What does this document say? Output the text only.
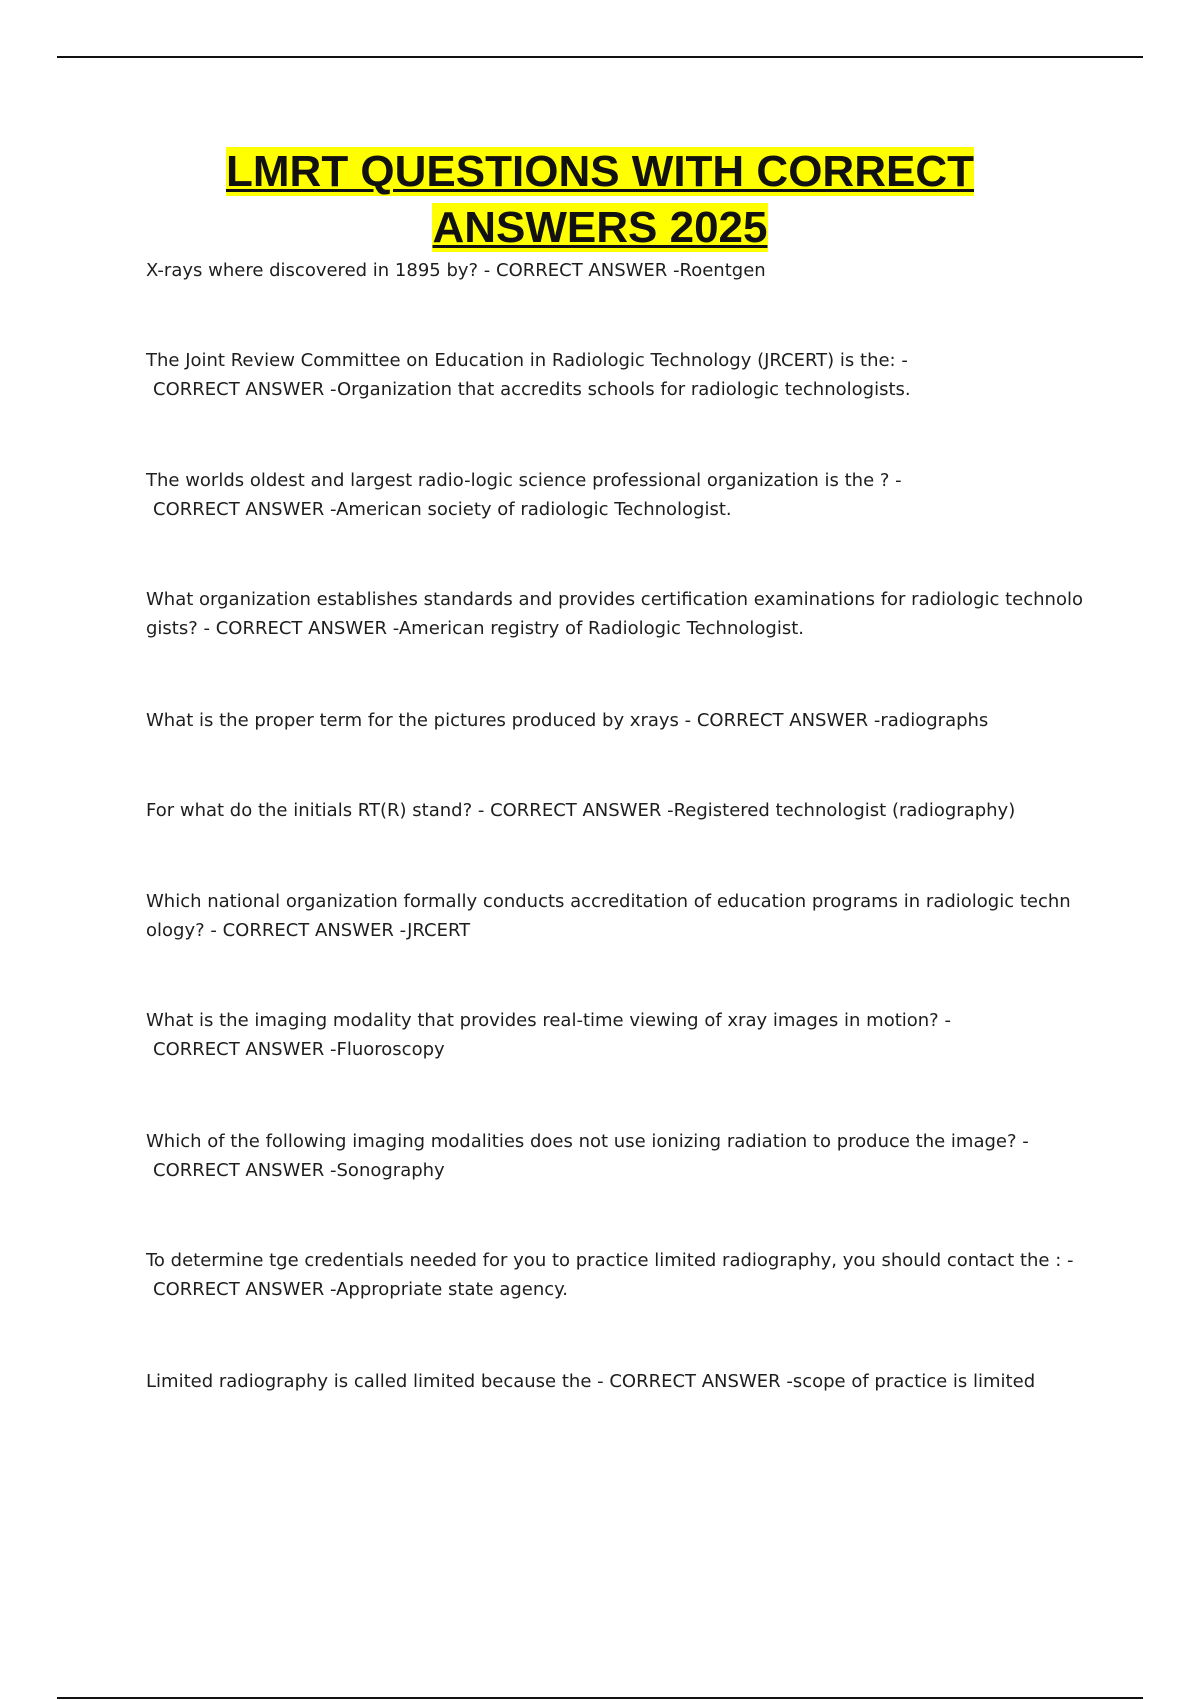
LMRT QUESTIONS WITH CORRECT ANSWERS 2025

X-rays where discovered in 1895 by? - CORRECT ANSWER -Roentgen

The Joint Review Committee on Education in Radiologic Technology (JRCERT) is the: -
CORRECT ANSWER -Organization that accredits schools for radiologic technologists.

The worlds oldest and largest radio-logic science professional organization is the ? -
CORRECT ANSWER -American society of radiologic Technologist.

What organization establishes standards and provides certification examinations for radiologic technolo
gists? - CORRECT ANSWER -American registry of Radiologic Technologist.

What is the proper term for the pictures produced by xrays - CORRECT ANSWER -radiographs

For what do the initials RT(R) stand? - CORRECT ANSWER -Registered technologist (radiography)

Which national organization formally conducts accreditation of education programs in radiologic techn
ology? - CORRECT ANSWER -JRCERT

What is the imaging modality that provides real-time viewing of xray images in motion? -
CORRECT ANSWER -Fluoroscopy

Which of the following imaging modalities does not use ionizing radiation to produce the image? -
CORRECT ANSWER -Sonography

To determine tge credentials needed for you to practice limited radiography, you should contact the : -
CORRECT ANSWER -Appropriate state agency.

Limited radiography is called limited because the - CORRECT ANSWER -scope of practice is limited
